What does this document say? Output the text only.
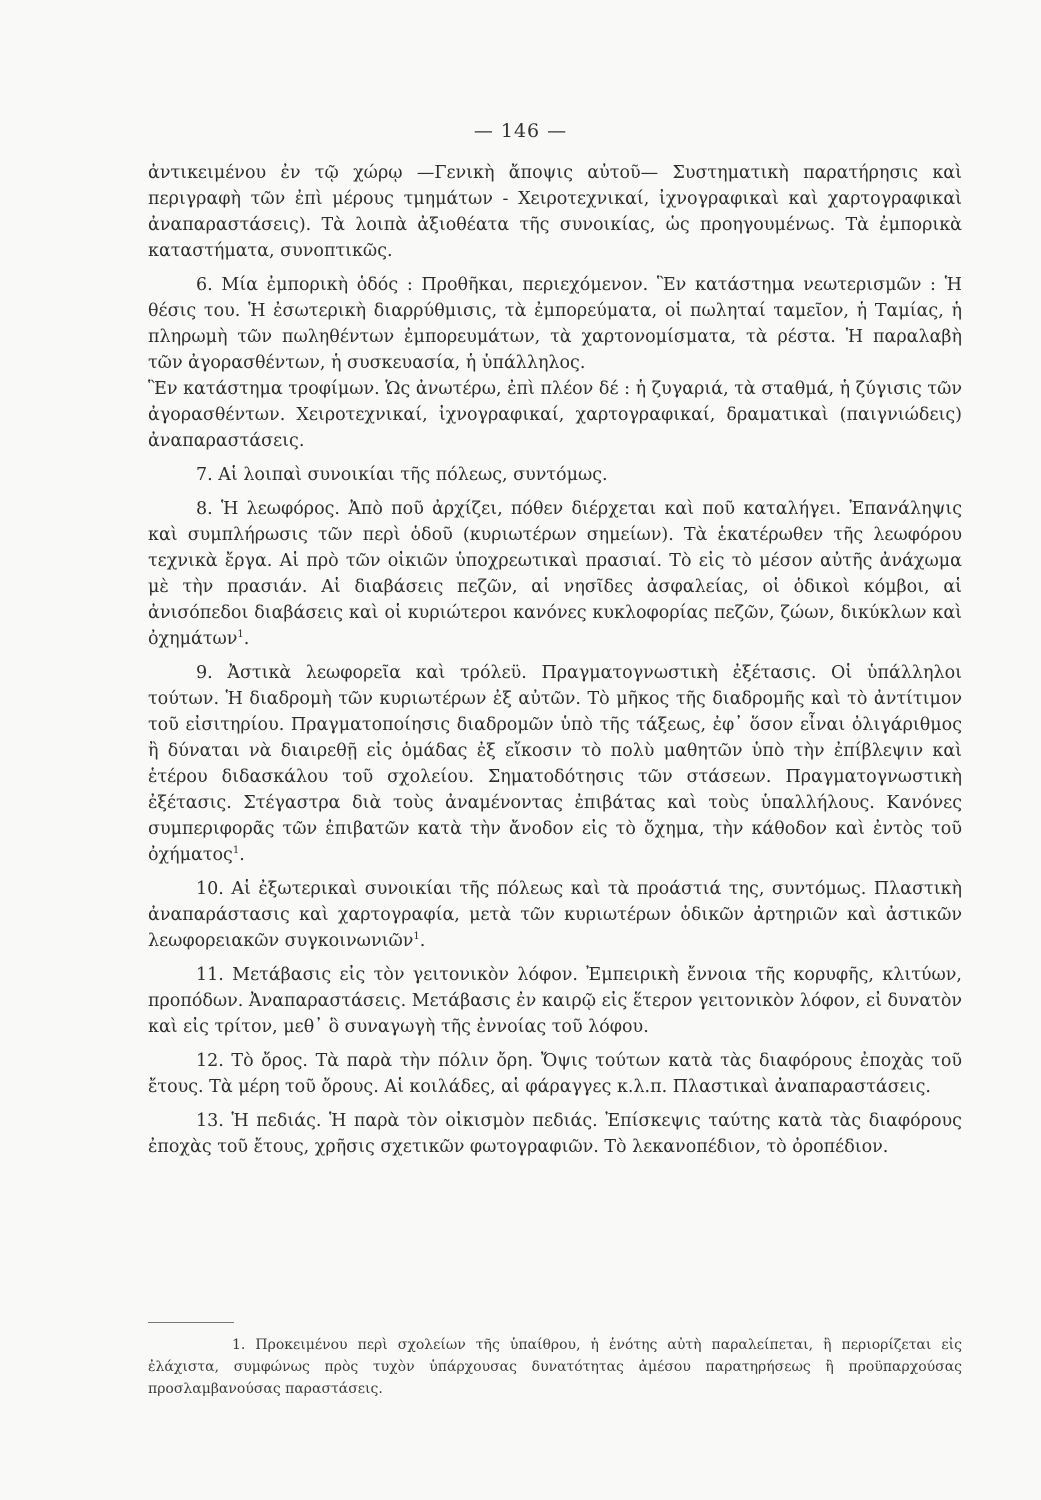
— 146 —

ἀντικειμένου ἐν τῷ χώρῳ —Γενικὴ ἄποψις αὐτοῦ— Συστηματικὴ παρατήρησις καὶ περιγραφὴ τῶν ἐπὶ μέρους τμημάτων - Χειροτεχνικαί, ἰχνογραφικαὶ καὶ χαρτογραφικαὶ ἀναπαραστάσεις). Τὰ λοιπὰ ἀξιοθέατα τῆς συνοικίας, ὡς προηγουμένως. Τὰ ἐμπορικὰ καταστήματα, συνοπτικῶς.

6. Μία ἐμπορικὴ ὁδός : Προθῆκαι, περιεχόμενον. Ἓν κατάστημα νεωτερισμῶν : Ἡ θέσις του. Ἡ ἐσωτερικὴ διαρρύθμισις, τὰ ἐμπορεύματα, οἱ πωληταί ταμεῖον, ἡ Ταμίας, ἡ πληρωμὴ τῶν πωληθέντων ἐμπορευμάτων, τὰ χαρτονομίσματα, τὰ ρέστα. Ἡ παραλαβὴ τῶν ἀγορασθέντων, ἡ συσκευασία, ἡ ὑπάλληλος.

Ἓν κατάστημα τροφίμων. Ὡς ἀνωτέρω, ἐπὶ πλέον δέ : ἡ ζυγαριά, τὰ σταθμά, ἡ ζύγισις τῶν ἀγορασθέντων. Χειροτεχνικαί, ἰχνογραφικαί, χαρτογραφικαί, δραματικαὶ (παιγνιώδεις) ἀναπαραστάσεις.

7. Αἱ λοιπαὶ συνοικίαι τῆς πόλεως, συντόμως.

8. Ἡ λεωφόρος. Ἀπὸ ποῦ ἀρχίζει, πόθεν διέρχεται καὶ ποῦ καταλήγει. Ἐπανάληψις καὶ συμπλήρωσις τῶν περὶ ὁδοῦ (κυριωτέρων σημείων). Τὰ ἑκατέρωθεν τῆς λεωφόρου τεχνικὰ ἔργα. Αἱ πρὸ τῶν οἰκιῶν ὑποχρεωτικαὶ πρασιαί. Τὸ εἰς τὸ μέσον αὐτῆς ἀνάχωμα μὲ τὴν πρασιάν. Αἱ διαβάσεις πεζῶν, αἱ νησῖδες ἀσφαλείας, οἱ ὁδικοὶ κόμβοι, αἱ ἀνισόπεδοι διαβάσεις καὶ οἱ κυριώτεροι κανόνες κυκλοφορίας πεζῶν, ζώων, δικύκλων καὶ ὀχημάτων$^1$.

9. Ἀστικὰ λεωφορεῖα καὶ τρόλεϋ. Πραγματογνωστικὴ ἐξέτασις. Οἱ ὑπάλληλοι τούτων. Ἡ διαδρομὴ τῶν κυριωτέρων ἐξ αὐτῶν. Τὸ μῆκος τῆς διαδρομῆς καὶ τὸ ἀντίτιμον τοῦ εἰσιτηρίου. Πραγματοποίησις διαδρομῶν ὑπὸ τῆς τάξεως, ἐφ᾽ ὅσον εἶναι ὀλιγάριθμος ἢ δύναται νὰ διαιρεθῇ εἰς ὁμάδας ἐξ εἴκοσιν τὸ πολὺ μαθητῶν ὑπὸ τὴν ἐπίβλεψιν καὶ ἑτέρου διδασκάλου τοῦ σχολείου. Σηματοδότησις τῶν στάσεων. Πραγματογνωστικὴ ἐξέτασις. Στέγαστρα διὰ τοὺς ἀναμένοντας ἐπιβάτας καὶ τοὺς ὑπαλλήλους. Κανόνες συμπεριφορᾶς τῶν ἐπιβατῶν κατὰ τὴν ἄνοδον εἰς τὸ ὄχημα, τὴν κάθοδον καὶ ἐντὸς τοῦ ὀχήματος$^1$.

10. Αἱ ἐξωτερικαὶ συνοικίαι τῆς πόλεως καὶ τὰ προάστιά της, συντόμως. Πλαστικὴ ἀναπαράστασις καὶ χαρτογραφία, μετὰ τῶν κυριωτέρων ὁδικῶν ἀρτηριῶν καὶ ἀστικῶν λεωφορειακῶν συγκοινωνιῶν$^1$.

11. Μετάβασις εἰς τὸν γειτονικὸν λόφον. Ἐμπειρικὴ ἔννοια τῆς κορυφῆς, κλιτύων, προπόδων. Ἀναπαραστάσεις. Μετάβασις ἐν καιρῷ εἰς ἕτερον γειτονικὸν λόφον, εἰ δυνατὸν καὶ εἰς τρίτον, μεθ᾽ ὃ συναγωγὴ τῆς ἐννοίας τοῦ λόφου.

12. Τὸ ὄρος. Τὰ παρὰ τὴν πόλιν ὄρη. Ὄψις τούτων κατὰ τὰς διαφόρους ἐποχὰς τοῦ ἔτους. Τὰ μέρη τοῦ ὄρους. Αἱ κοιλάδες, αἱ φάραγγες κ.λ.π. Πλαστικαὶ ἀναπαραστάσεις.

13. Ἡ πεδιάς. Ἡ παρὰ τὸν οἰκισμὸν πεδιάς. Ἐπίσκεψις ταύτης κατὰ τὰς διαφόρους ἐποχὰς τοῦ ἔτους, χρῆσις σχετικῶν φωτογραφιῶν. Τὸ λεκανοπέδιον, τὸ ὀροπέδιον.

1. Προκειμένου περὶ σχολείων τῆς ὑπαίθρου, ἡ ἑνότης αὐτὴ παραλείπεται, ἢ περιορίζεται εἰς ἐλάχιστα, συμφώνως πρὸς τυχὸν ὑπάρχουσας δυνατότητας ἀμέσου παρατηρήσεως ἢ προϋπαρχούσας προσλαμβανούσας παραστάσεις.
